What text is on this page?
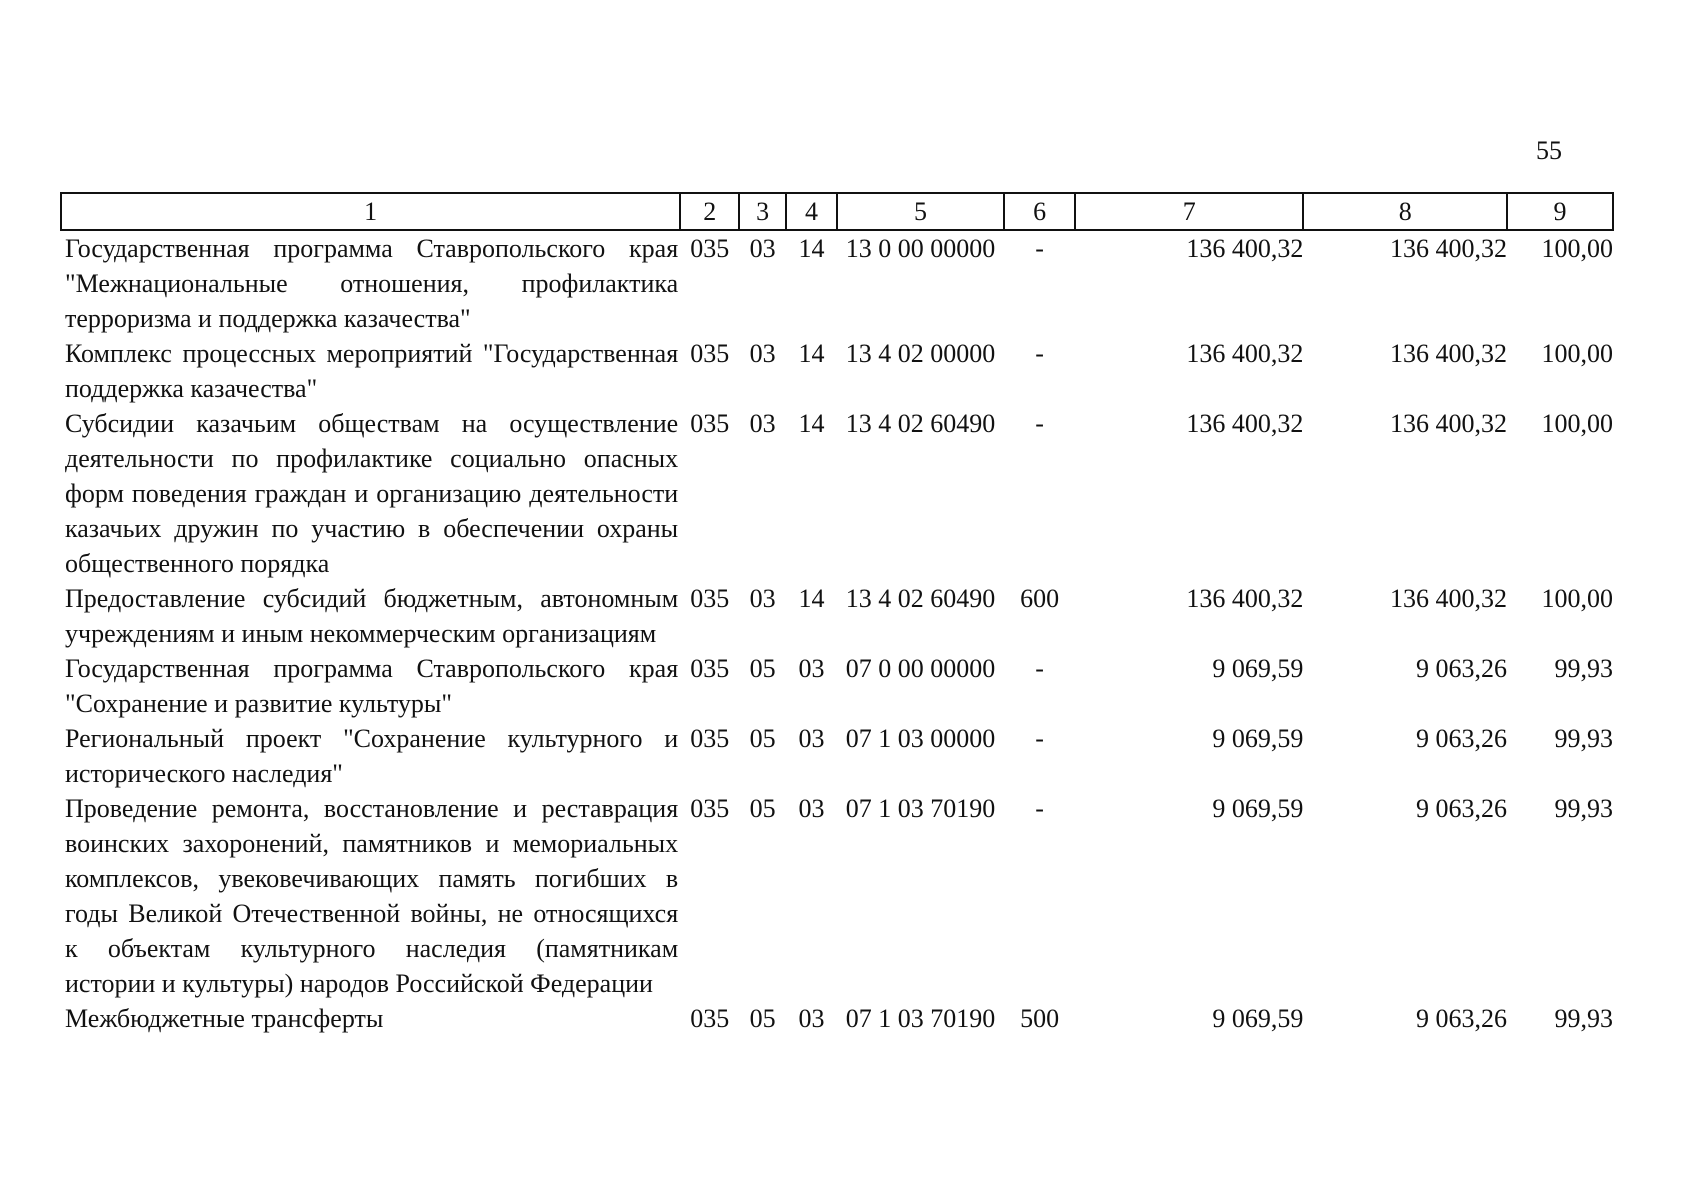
55
1	2	3	4	5	6	7	8	9
Государственная программа Ставропольского края "Межнациональные отношения, профилактика терроризма и поддержка казачества"	035	03	14	13 0 00 00000	-	136 400,32	136 400,32	100,00
Комплекс процессных мероприятий "Государственная поддержка казачества"	035	03	14	13 4 02 00000	-	136 400,32	136 400,32	100,00
Субсидии казачьим обществам на осуществление деятельности по профилактике социально опасных форм поведения граждан и организацию деятельности казачьих дружин по участию в обеспечении охраны общественного порядка	035	03	14	13 4 02 60490	-	136 400,32	136 400,32	100,00
Предоставление субсидий бюджетным, автономным учреждениям и иным некоммерческим организациям	035	03	14	13 4 02 60490	600	136 400,32	136 400,32	100,00
Государственная программа Ставропольского края "Сохранение и развитие культуры"	035	05	03	07 0 00 00000	-	9 069,59	9 063,26	99,93
Региональный проект "Сохранение культурного и исторического наследия"	035	05	03	07 1 03 00000	-	9 069,59	9 063,26	99,93
Проведение ремонта, восстановление и реставрация воинских захоронений, памятников и мемориальных комплексов, увековечивающих память погибших в годы Великой Отечественной войны, не относящихся к объектам культурного наследия (памятникам истории и культуры) народов Российской Федерации	035	05	03	07 1 03 70190	-	9 069,59	9 063,26	99,93
Межбюджетные трансферты	035	05	03	07 1 03 70190	500	9 069,59	9 063,26	99,93
